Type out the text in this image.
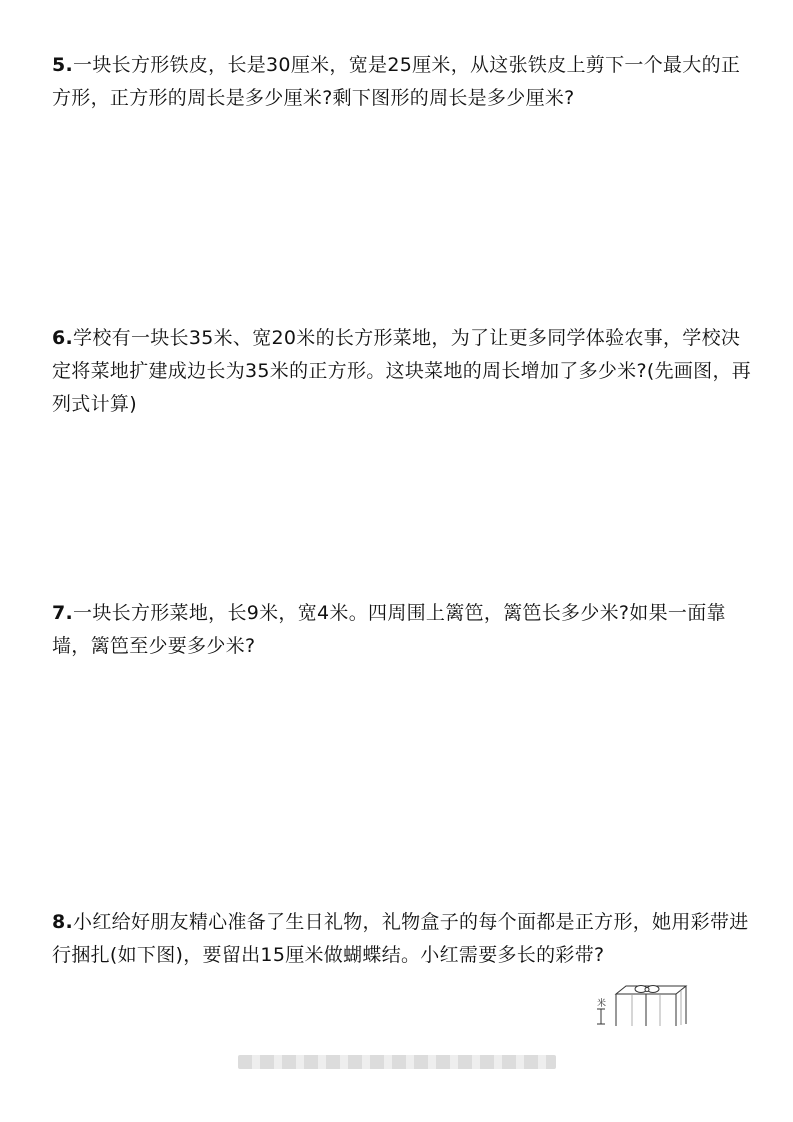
5.一块长方形铁皮，长是30厘米，宽是25厘米，从这张铁皮上剪下一个最大的正方形，正方形的周长是多少厘米?剩下图形的周长是多少厘米?
6.学校有一块长35米、宽20米的长方形菜地，为了让更多同学体验农事，学校决定将菜地扩建成边长为35米的正方形。这块菜地的周长增加了多少米?(先画图，再列式计算)
7.一块长方形菜地，长9米，宽4米。四周围上篱笆，篱笆长多少米?如果一面靠墙，篱笆至少要多少米?
8.小红给好朋友精心准备了生日礼物，礼物盒子的每个面都是正方形，她用彩带进行捆扎(如下图)，要留出15厘米做蝴蝶结。小红需要多长的彩带?
米
